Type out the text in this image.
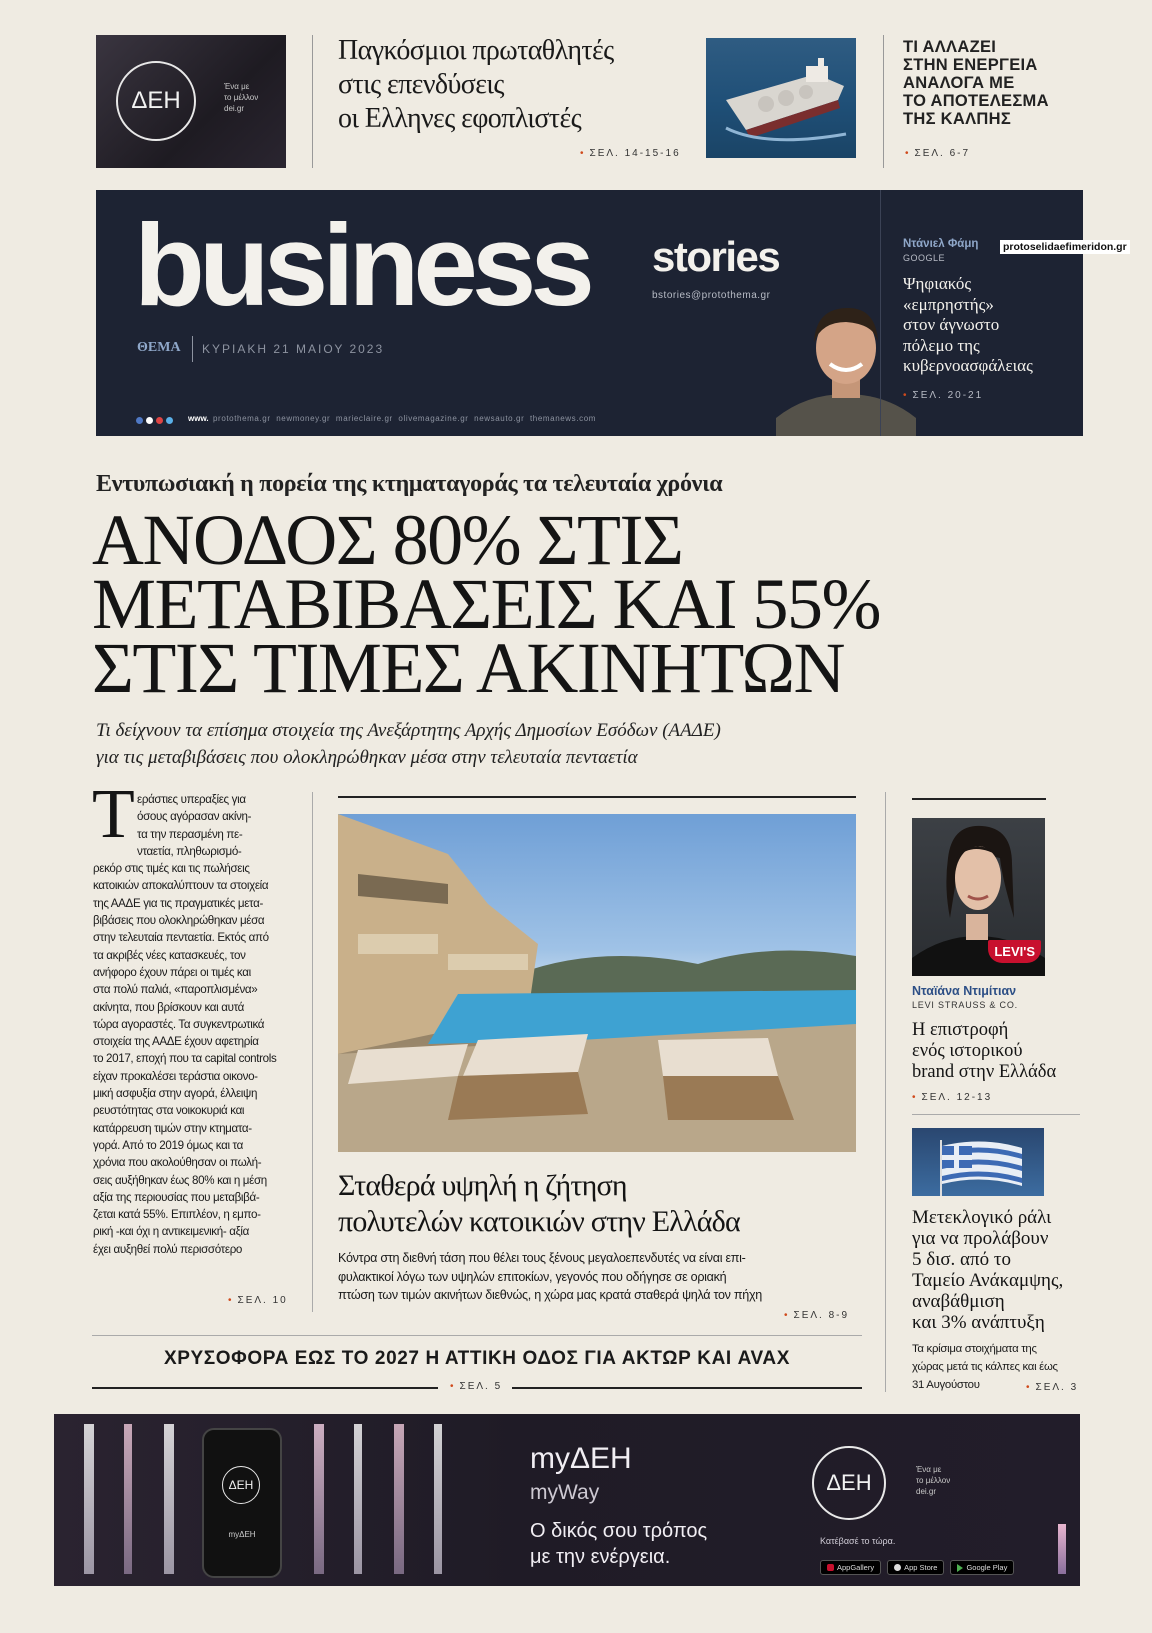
ΔΕΗ
Ένα με
το μέλλον
dei.gr
Παγκόσμιοι πρωταθλητές
στις επενδύσεις
οι Ελληνες εφοπλιστές
• ΣΕΛ. 14-15-16
ΤΙ ΑΛΛΑΖΕΙ
ΣΤΗΝ ΕΝΕΡΓΕΙΑ
ΑΝΑΛΟΓΑ ΜΕ
ΤΟ ΑΠΟΤΕΛΕΣΜΑ
ΤΗΣ ΚΑΛΠΗΣ
• ΣΕΛ. 6-7
business stories
bstories@protothema.gr
ΘΕΜΑ ΚΥΡΙΑΚΗ 21 ΜΑΙΟΥ 2023
www. protothema.gr  newmoney.gr  marieclaire.gr  olivemagazine.gr  newsauto.gr  themanews.com
Ντάνιελ Φάμη
GOOGLE
Ψηφιακός
«εμπρηστής»
στον άγνωστο
πόλεμο της
κυβερνοασφάλειας
• ΣΕΛ. 20-21
protoselidaefimeridon.gr
Εντυπωσιακή η πορεία της κτηματαγοράς τα τελευταία χρόνια
ΑΝΟΔΟΣ 80% ΣΤΙΣ
ΜΕΤΑΒΙΒΑΣΕΙΣ ΚΑΙ 55%
ΣΤΙΣ ΤΙΜΕΣ ΑΚΙΝΗΤΩΝ
Τι δείχνουν τα επίσημα στοιχεία της Ανεξάρτητης Αρχής Δημοσίων Εσόδων (ΑΑΔΕ)
για τις μεταβιβάσεις που ολοκληρώθηκαν μέσα στην τελευταία πενταετία
Τ εράστιες υπεραξίες για
όσους αγόρασαν ακίνη-
τα την περασμένη πε-
νταετία, πληθωρισμό-
ρεκόρ στις τιμές και τις πωλήσεις
κατοικιών αποκαλύπτουν τα στοιχεία
της ΑΑΔΕ για τις πραγματικές μετα-
βιβάσεις που ολοκληρώθηκαν μέσα
στην τελευταία πενταετία. Εκτός από
τα ακριβές νέες κατασκευές, τον
ανήφορο έχουν πάρει οι τιμές και
στα πολύ παλιά, «παροπλισμένα»
ακίνητα, που βρίσκουν και αυτά
τώρα αγοραστές. Τα συγκεντρωτικά
στοιχεία της ΑΑΔΕ έχουν αφετηρία
το 2017, εποχή που τα capital controls
είχαν προκαλέσει τεράστια οικονο-
μική ασφυξία στην αγορά, έλλειψη
ρευστότητας στα νοικοκυριά και
κατάρρευση τιμών στην κτηματα-
γορά. Από το 2019 όμως και τα
χρόνια που ακολούθησαν οι πωλή-
σεις αυξήθηκαν έως 80% και η μέση
αξία της περιουσίας που μεταβιβά-
ζεται κατά 55%. Επιπλέον, η εμπο-
ρική -και όχι η αντικειμενική- αξία
έχει αυξηθεί πολύ περισσότερο
• ΣΕΛ. 10
Σταθερά υψηλή η ζήτηση
πολυτελών κατοικιών στην Ελλάδα
Κόντρα στη διεθνή τάση που θέλει τους ξένους μεγαλοεπενδυτές να είναι επι-
φυλακτικοί λόγω των υψηλών επιτοκίων, γεγονός που οδήγησε σε οριακή
πτώση των τιμών ακινήτων διεθνώς, η χώρα μας κρατά σταθερά ψηλά τον πήχη
• ΣΕΛ. 8-9
LEVI'S
Νταϊάνα Ντιμίτιαν
LEVI STRAUSS & CO.
Η επιστροφή
ενός ιστορικού
brand στην Ελλάδα
• ΣΕΛ. 12-13
Μετεκλογικό ράλι
για να προλάβουν
5 δισ. από το
Ταμείο Ανάκαμψης,
αναβάθμιση
και 3% ανάπτυξη
Τα κρίσιμα στοιχήματα της
χώρας μετά τις κάλπες και έως
31 Αυγούστου	• ΣΕΛ. 3
ΧΡΥΣΟΦΟΡΑ ΕΩΣ ΤΟ 2027 Η ΑΤΤΙΚΗ ΟΔΟΣ ΓΙΑ ΑΚΤΩΡ ΚΑΙ AVAX
• ΣΕΛ. 5
ΔΕΗ
myΔΕΗ
myΔΕΗ
myWay
Ο δικός σου τρόπος
με την ενέργεια.
ΔΕΗ
Ένα με
το μέλλον
dei.gr
Κατέβασέ το τώρα.
AppGallery	App Store	Google Play
